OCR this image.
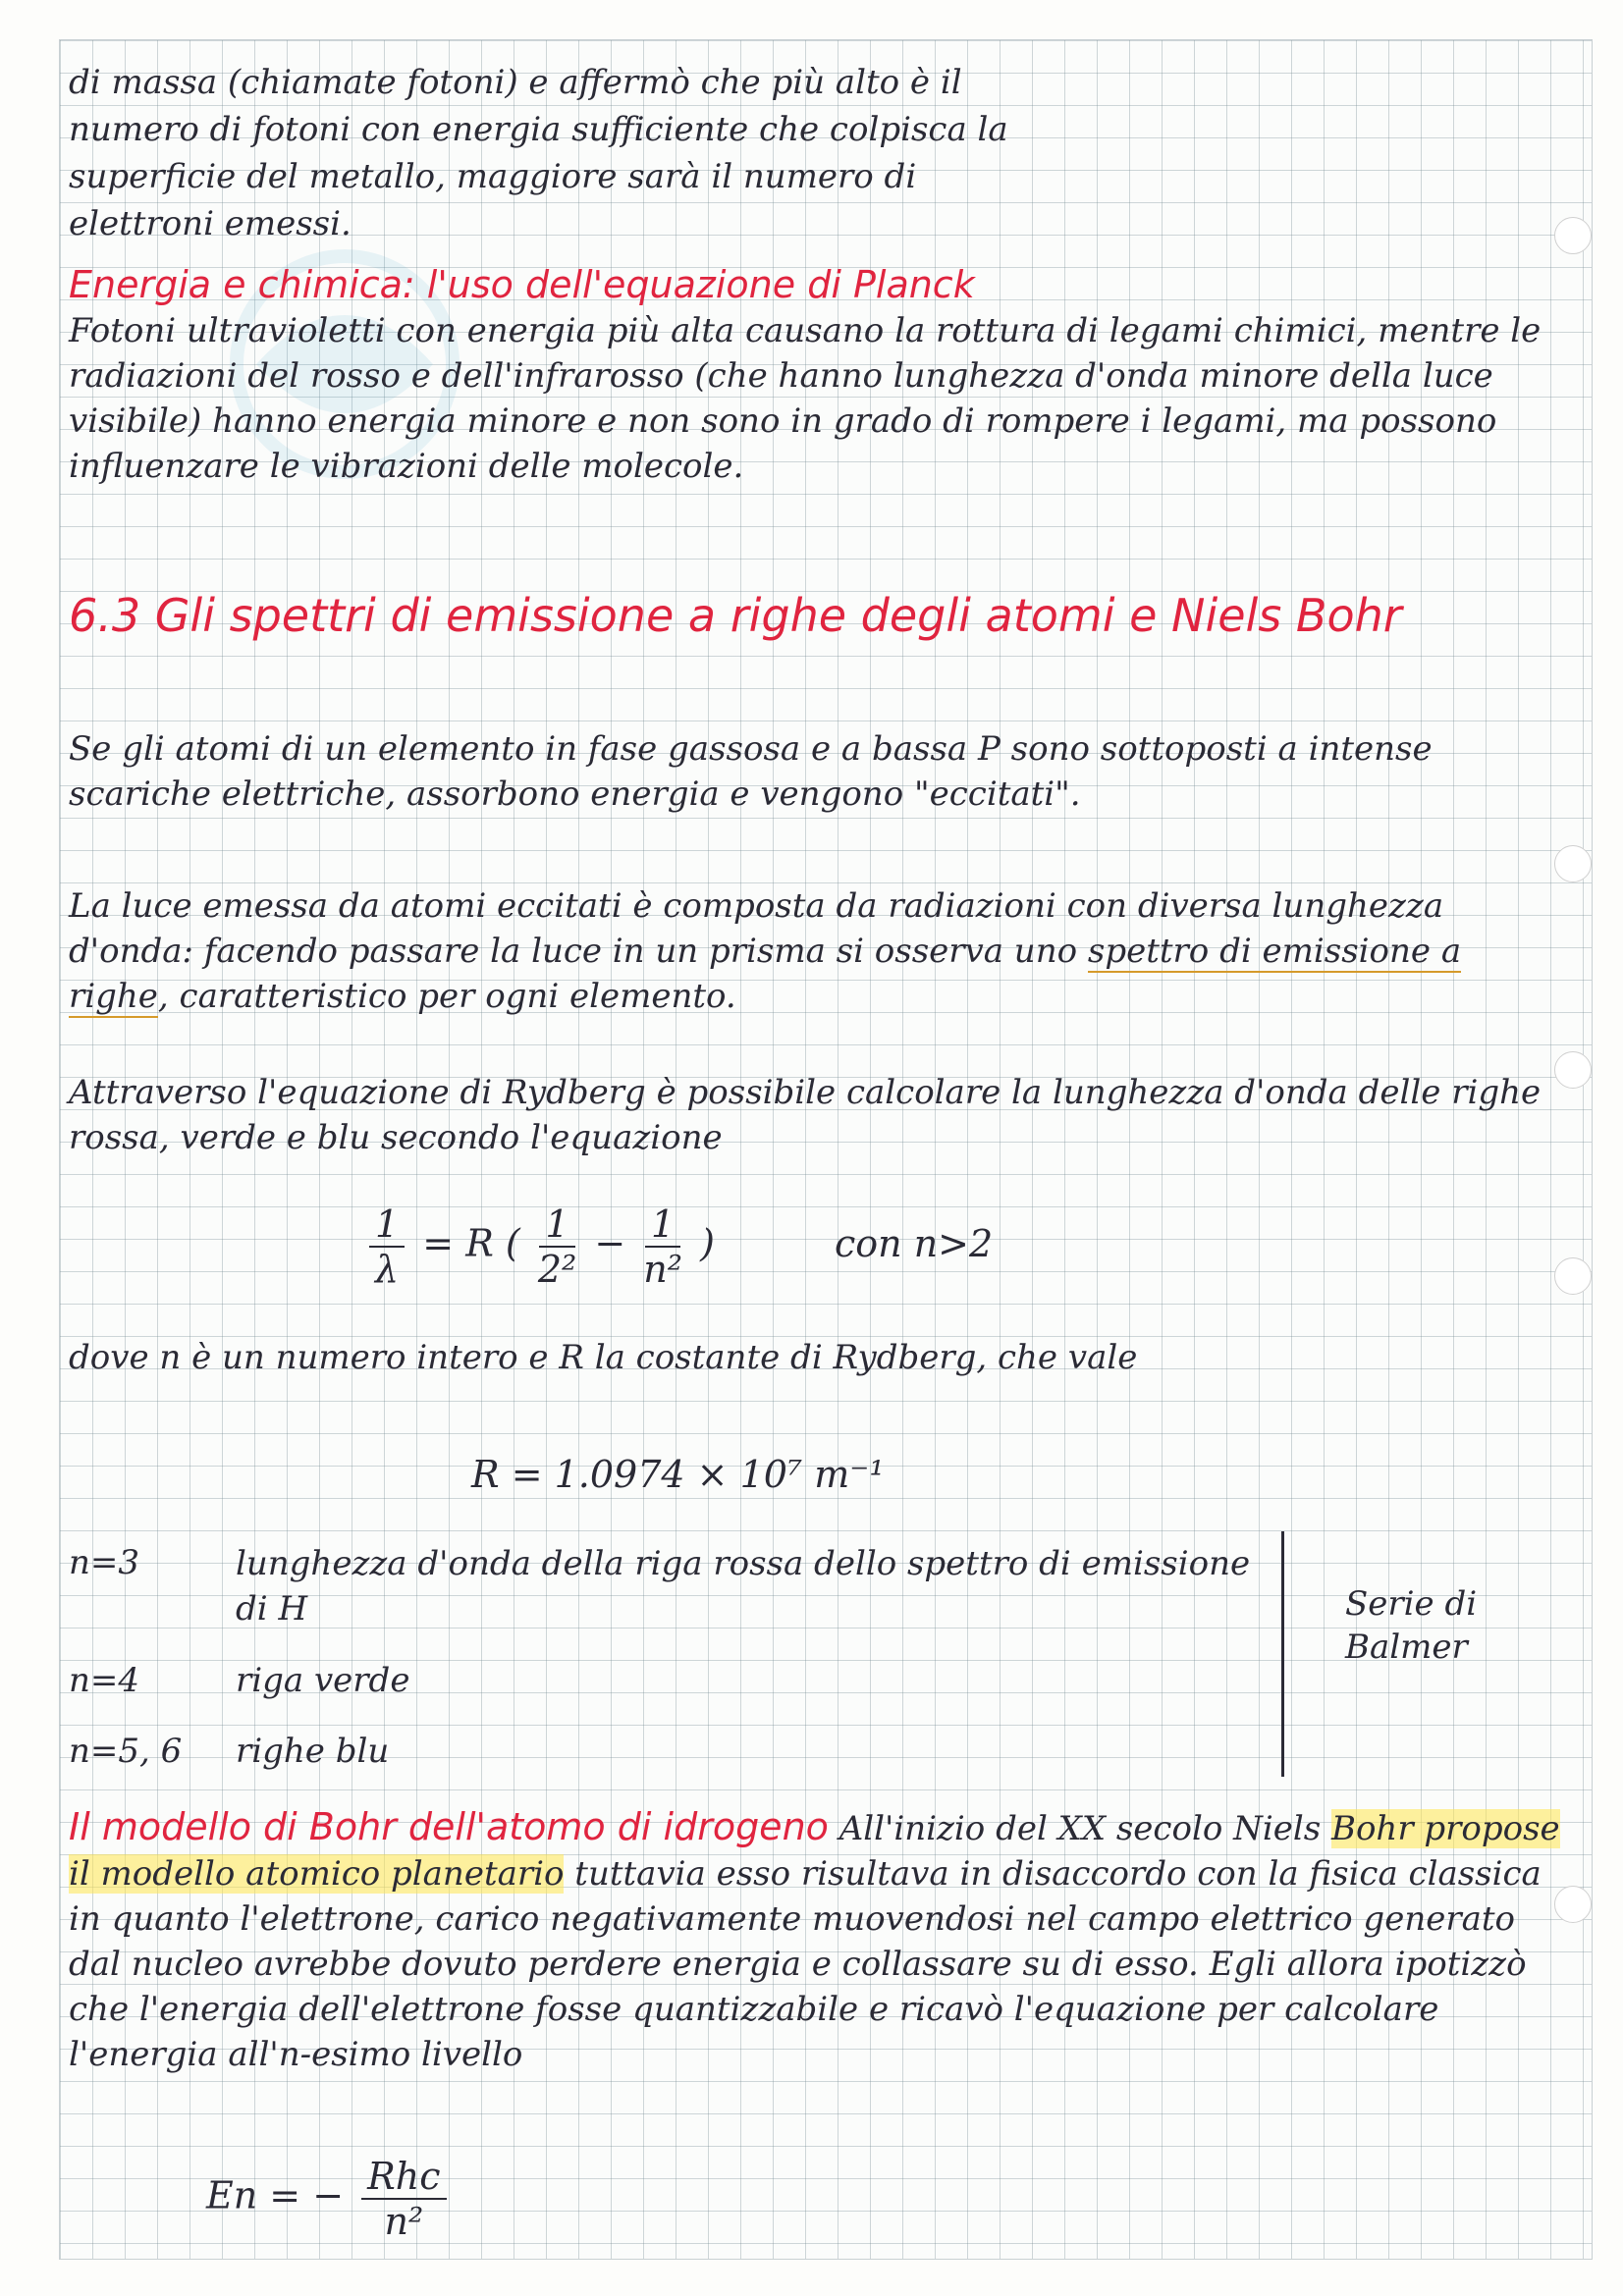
di massa (chiamate fotoni) e affermò che più alto è il
numero di fotoni con energia sufficiente che colpisca la
superficie del metallo, maggiore sarà il numero di
elettroni emessi.
Energia e chimica: l'uso dell'equazione di Planck
Fotoni ultravioletti con energia più alta causano la rottura di legami chimici, mentre le radiazioni del rosso e dell'infrarosso (che hanno lunghezza d'onda minore della luce visibile) hanno energia minore e non sono in grado di rompere i legami, ma possono influenzare le vibrazioni delle molecole.
6.3 Gli spettri di emissione a righe degli atomi e Niels Bohr
Se gli atomi di un elemento in fase gassosa e a bassa P sono sottoposti a intense scariche elettriche, assorbono energia e vengono "eccitati".
La luce emessa da atomi eccitati è composta da radiazioni con diversa lunghezza d'onda: facendo passare la luce in un prisma si osserva uno spettro di emissione a righe, caratteristico per ogni elemento.
Attraverso l'equazione di Rydberg è possibile calcolare la lunghezza d'onda delle righe rossa, verde e blu secondo l'equazione
$\frac{1}{\lambda} = R$ ( $\frac{1}{\text{2²}} - \frac{1}{\text{n²}}$ )	con n>2
dove n è un numero intero e R la costante di Rydberg, che vale
R = 1.0974 × 10⁷ m⁻¹
n=3	lunghezza d'onda della riga rossa dello spettro di emissione di H
n=4	riga verde
n=5, 6 righe blu
Serie di Balmer
Il modello di Bohr dell'atomo di idrogeno All'inizio del XX secolo Niels Bohr propose il modello atomico planetario tuttavia esso risultava in disaccordo con la fisica classica in quanto l'elettrone, carico negativamente muovendosi nel campo elettrico generato dal nucleo avrebbe dovuto perdere energia e collassare su di esso. Egli allora ipotizzò che l'energia dell'elettrone fosse quantizzabile e ricavò l'equazione per calcolare l'energia all'n-esimo livello
En = − $\frac{\text{Rhc}}{\text{n²}}$
